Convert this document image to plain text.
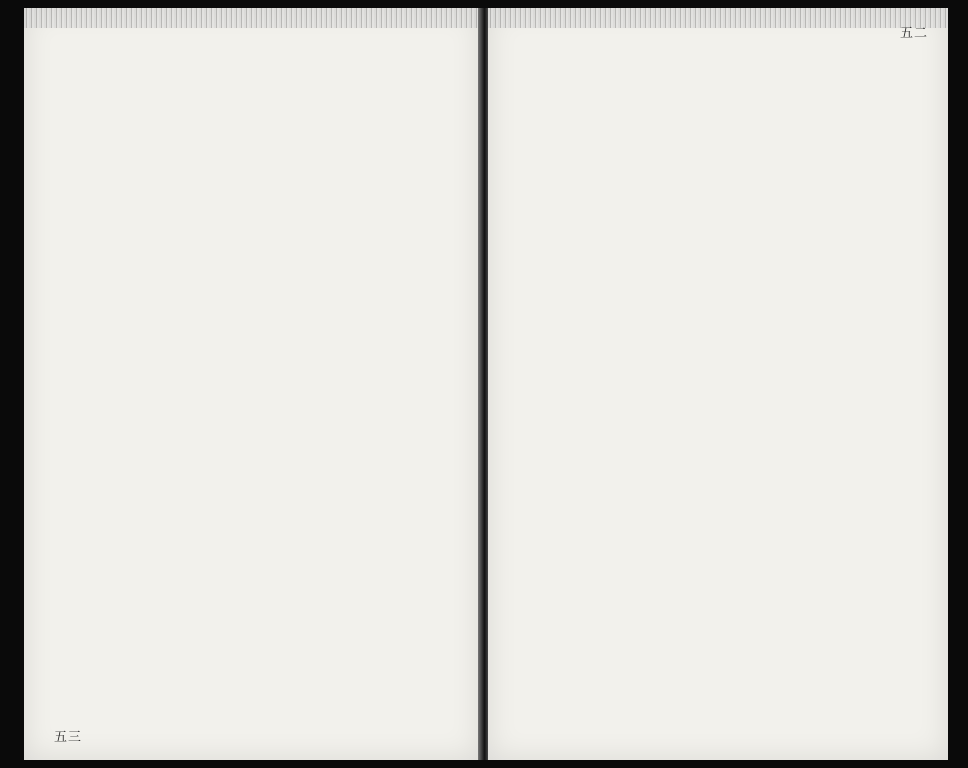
五三
五二
